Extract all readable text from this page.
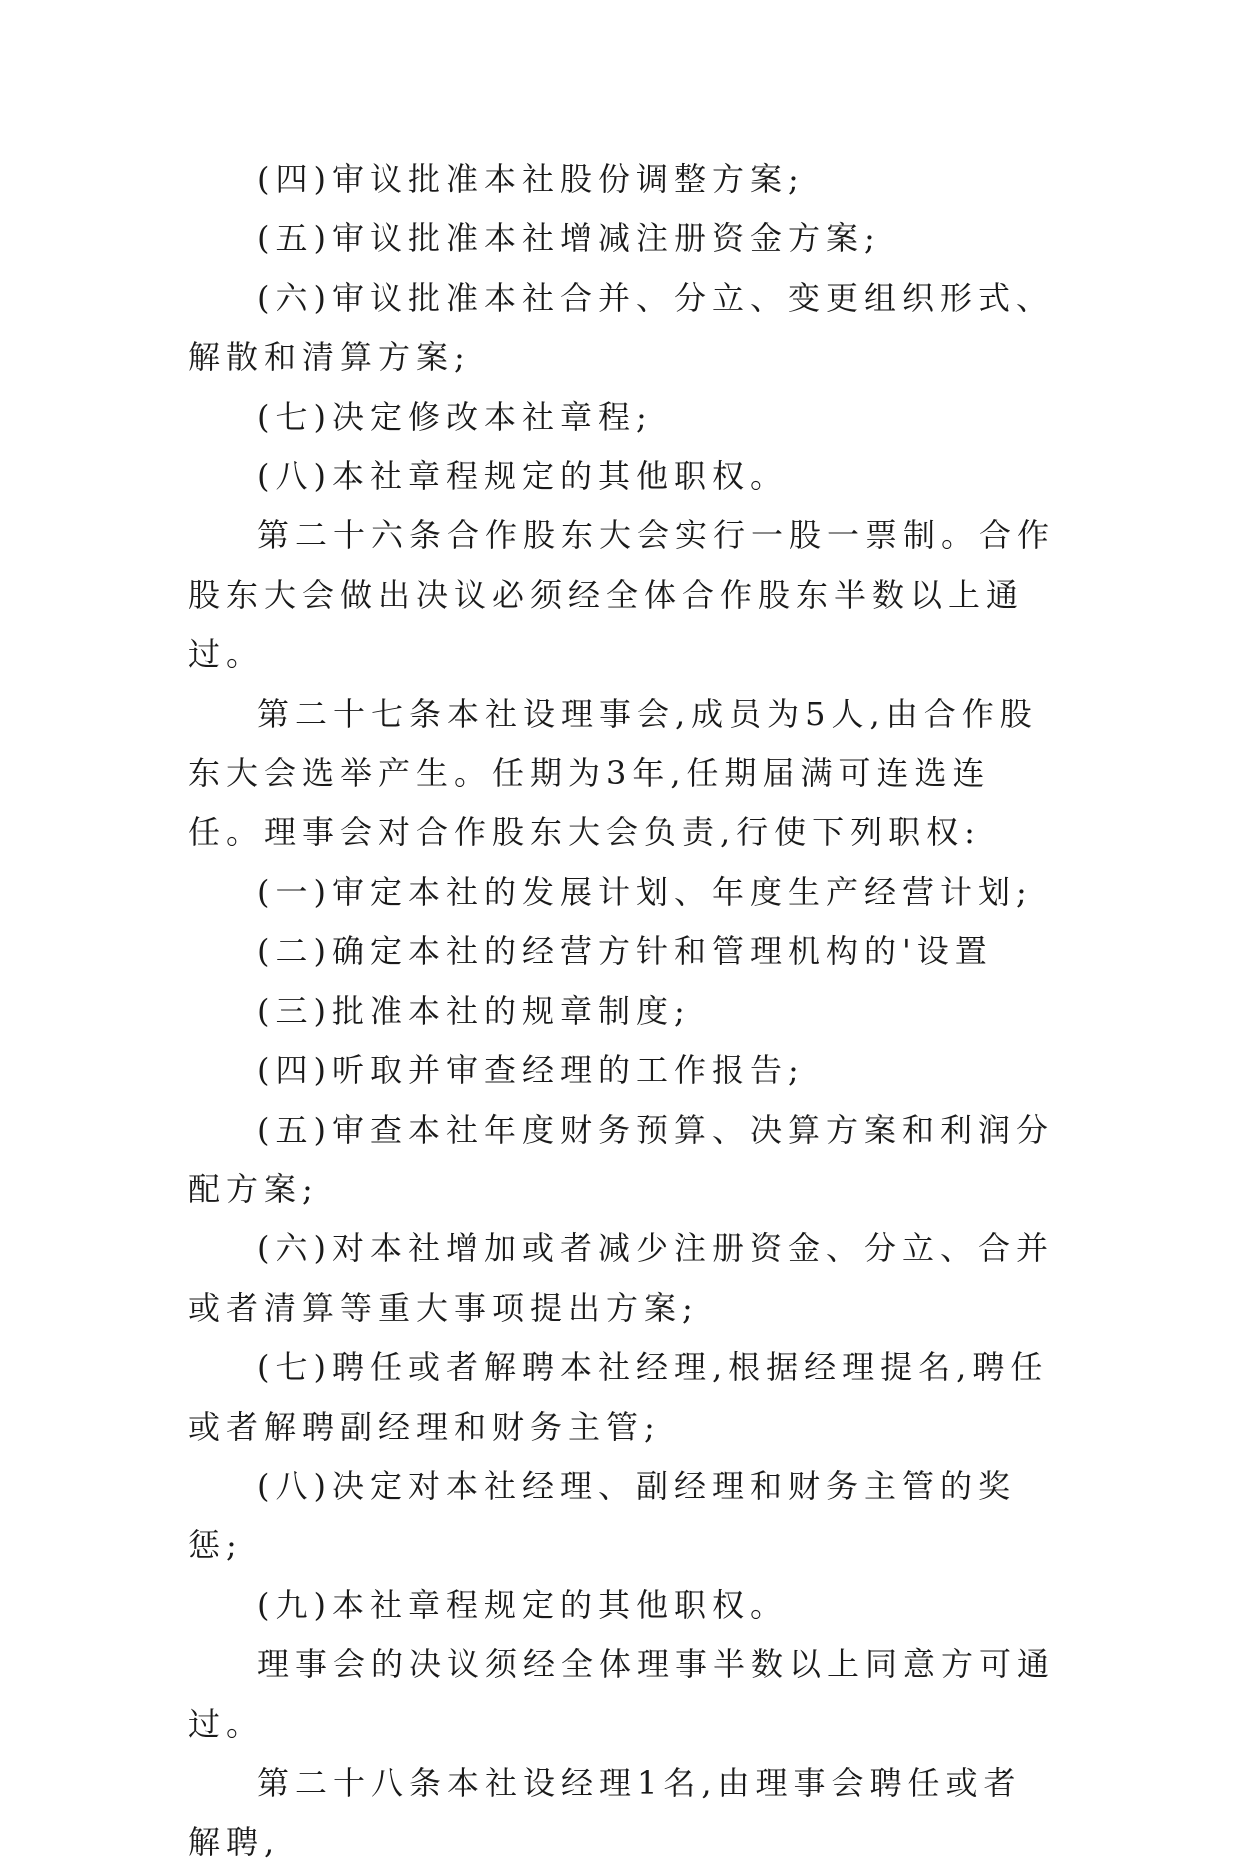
(四)审议批准本社股份调整方案;

(五)审议批准本社增减注册资金方案;

(六)审议批准本社合并、分立、变更组织形式、解散和清算方案;

(七)决定修改本社章程;

(八)本社章程规定的其他职权。

第二十六条合作股东大会实行一股一票制。合作股东大会做出决议必须经全体合作股东半数以上通过。

第二十七条本社设理事会,成员为5人,由合作股东大会选举产生。任期为3年,任期届满可连选连任。理事会对合作股东大会负责,行使下列职权:

(一)审定本社的发展计划、年度生产经营计划;

(二)确定本社的经营方针和管理机构的'设置

(三)批准本社的规章制度;

(四)听取并审查经理的工作报告;

(五)审查本社年度财务预算、决算方案和利润分配方案;

(六)对本社增加或者减少注册资金、分立、合并或者清算等重大事项提出方案;

(七)聘任或者解聘本社经理,根据经理提名,聘任或者解聘副经理和财务主管;

(八)决定对本社经理、副经理和财务主管的奖惩;

(九)本社章程规定的其他职权。

理事会的决议须经全体理事半数以上同意方可通过。

第二十八条本社设经理1名,由理事会聘任或者解聘,
